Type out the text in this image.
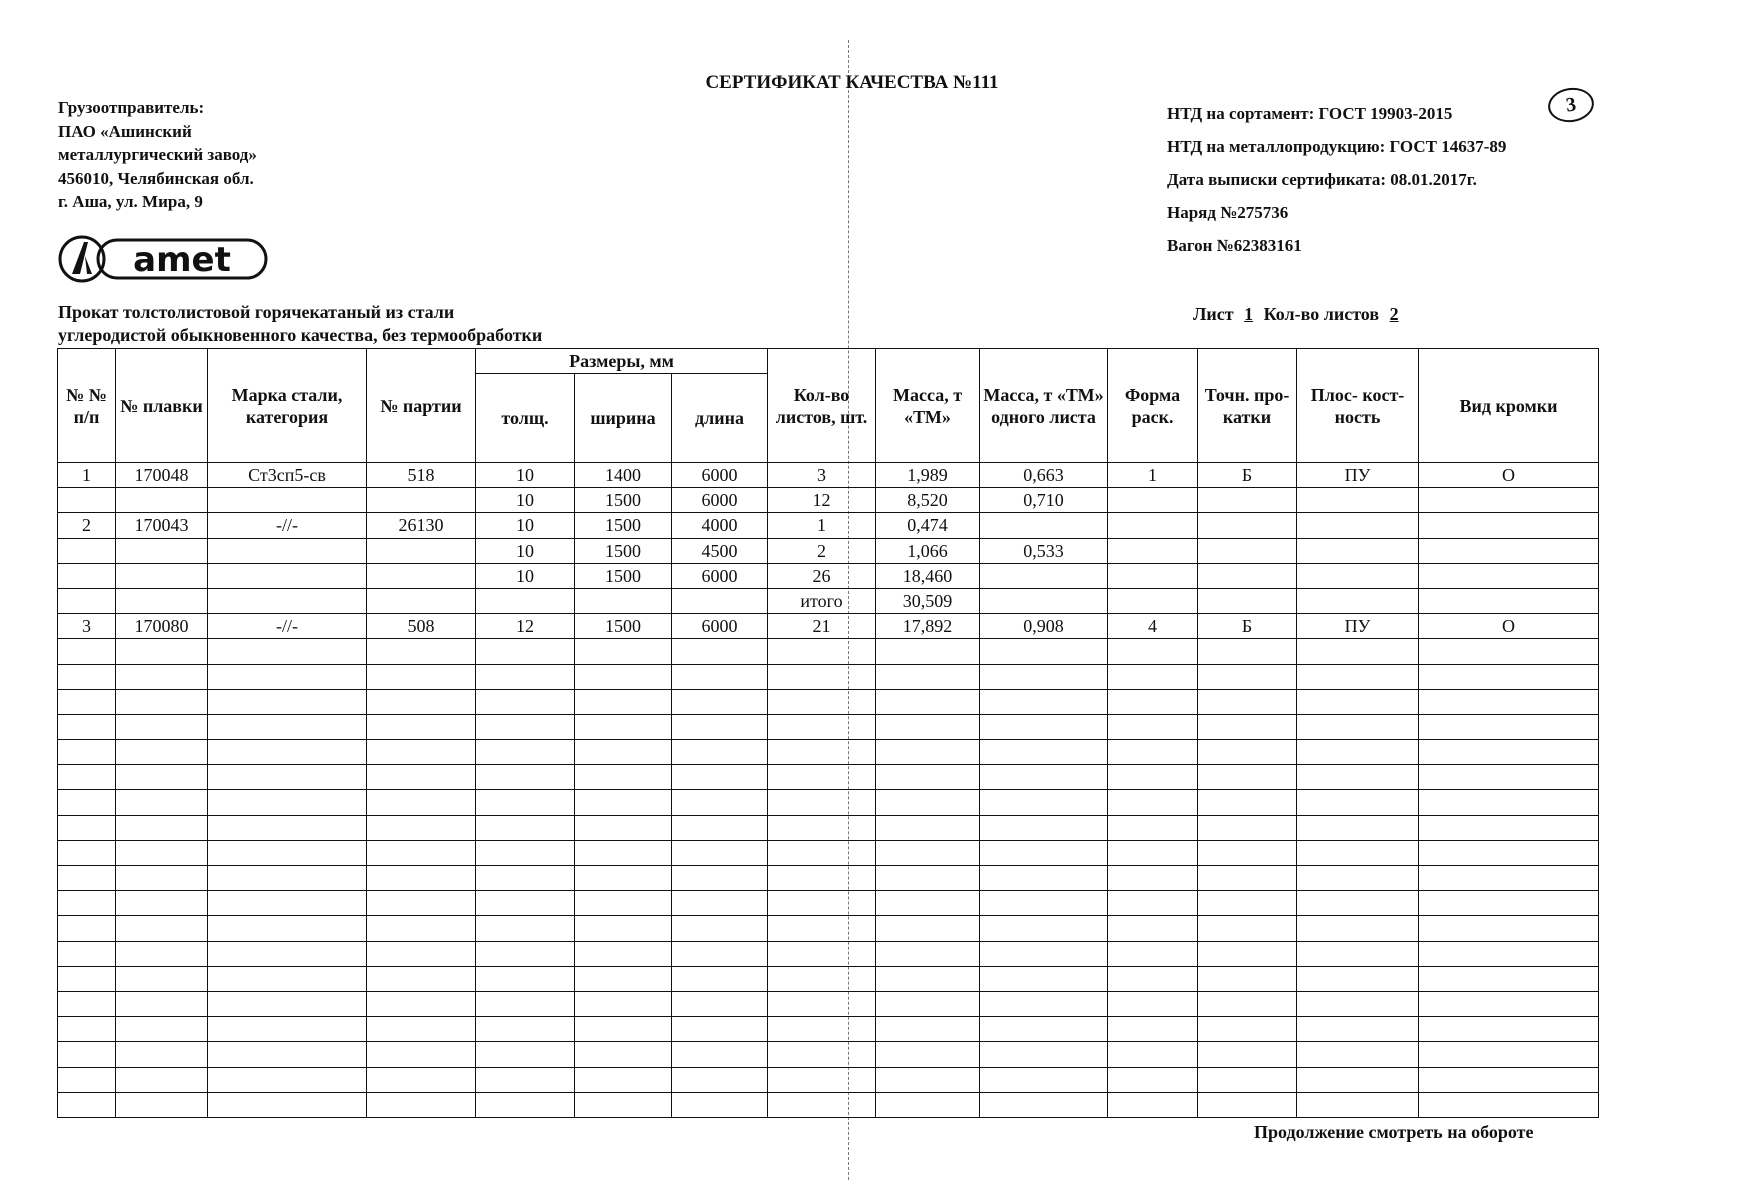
СЕРТИФИКАТ КАЧЕСТВА №111
Грузоотправитель:
ПАО «Ашинский
металлургический завод»
456010, Челябинская обл.
г. Аша, ул. Мира, 9
amet
3
НТД на сортамент: ГОСТ 19903-2015
НТД на металлопродукцию: ГОСТ 14637-89
Дата выписки сертификата: 08.01.2017г.
Наряд №275736
Вагон №62383161
Прокат толстолистовой горячекатаный из стали
углеродистой обыкновенного качества, без термообработки
Лист 1 Кол-во листов 2
№ № п/п	№ плавки	Марка стали, категория	№ партии	Размеры, мм			Кол-во листов, шт.	Масса, т «ТМ»	Масса, т «ТМ» одного листа	Форма раск.	Точн. про- катки	Плос- кост- ность	Вид кромки
				толщ.	ширина	длина							
1	170048	Ст3сп5-св	518	10	1400	6000	3	1,989	0,663	1	Б	ПУ	О
				10	1500	6000	12	8,520	0,710				
2	170043	-//-	26130	10	1500	4000	1	0,474					
				10	1500	4500	2	1,066	0,533				
				10	1500	6000	26	18,460					
							итого	30,509					
3	170080	-//-	508	12	1500	6000	21	17,892	0,908	4	Б	ПУ	О

Продолжение смотреть на обороте
